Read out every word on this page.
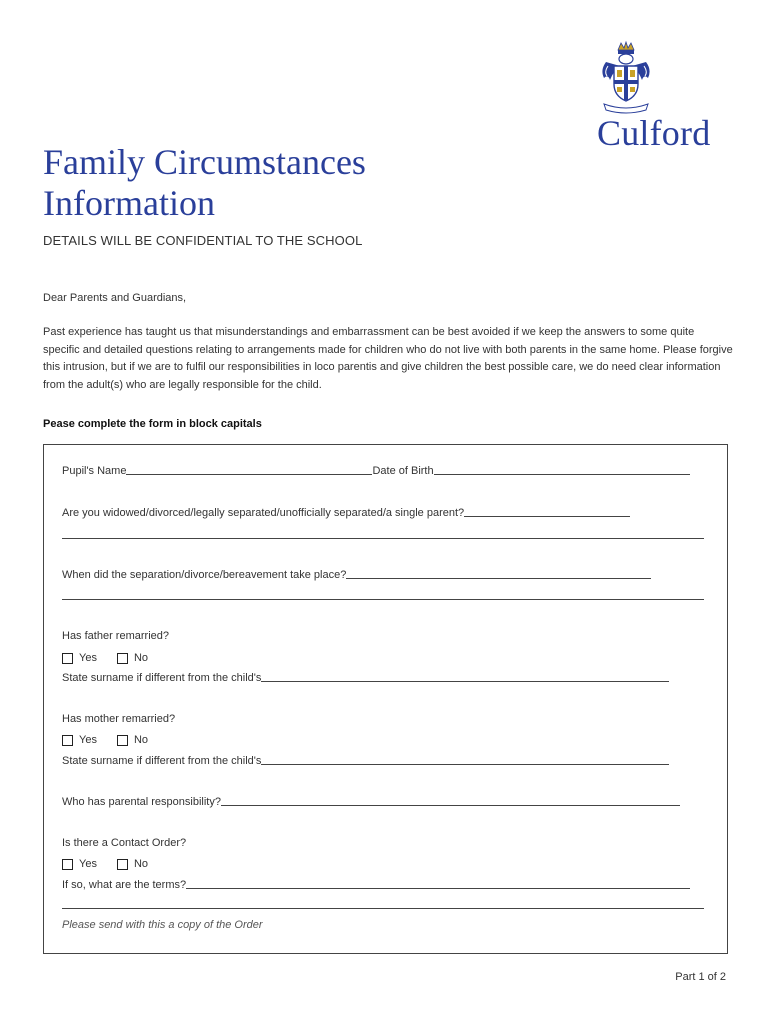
Culford
Family Circumstances
Information
DETAILS WILL BE CONFIDENTIAL TO THE SCHOOL
Dear Parents and Guardians,

Past experience has taught us that misunderstandings and embarrassment can be best avoided if we keep the answers to some quite specific and detailed questions relating to arrangements made for children who do not live with both parents in the same home. Please forgive this intrusion, but if we are to fulfil our responsibilities in loco parentis and give children the best possible care, we do need clear information from the adult(s) who are legally responsible for the child.

Pease complete the form in block capitals
Pupil's Name	Date of Birth
Are you widowed/divorced/legally separated/unofficially separated/a single parent?
When did the separation/divorce/bereavement take place?
Has father remarried?
Yes	No
State surname if different from the child's
Has mother remarried?
Yes	No
State surname if different from the child's
Who has parental responsibility?
Is there a Contact Order?
Yes	No
If so, what are the terms?
Please send with this a copy of the Order
Part 1 of 2
